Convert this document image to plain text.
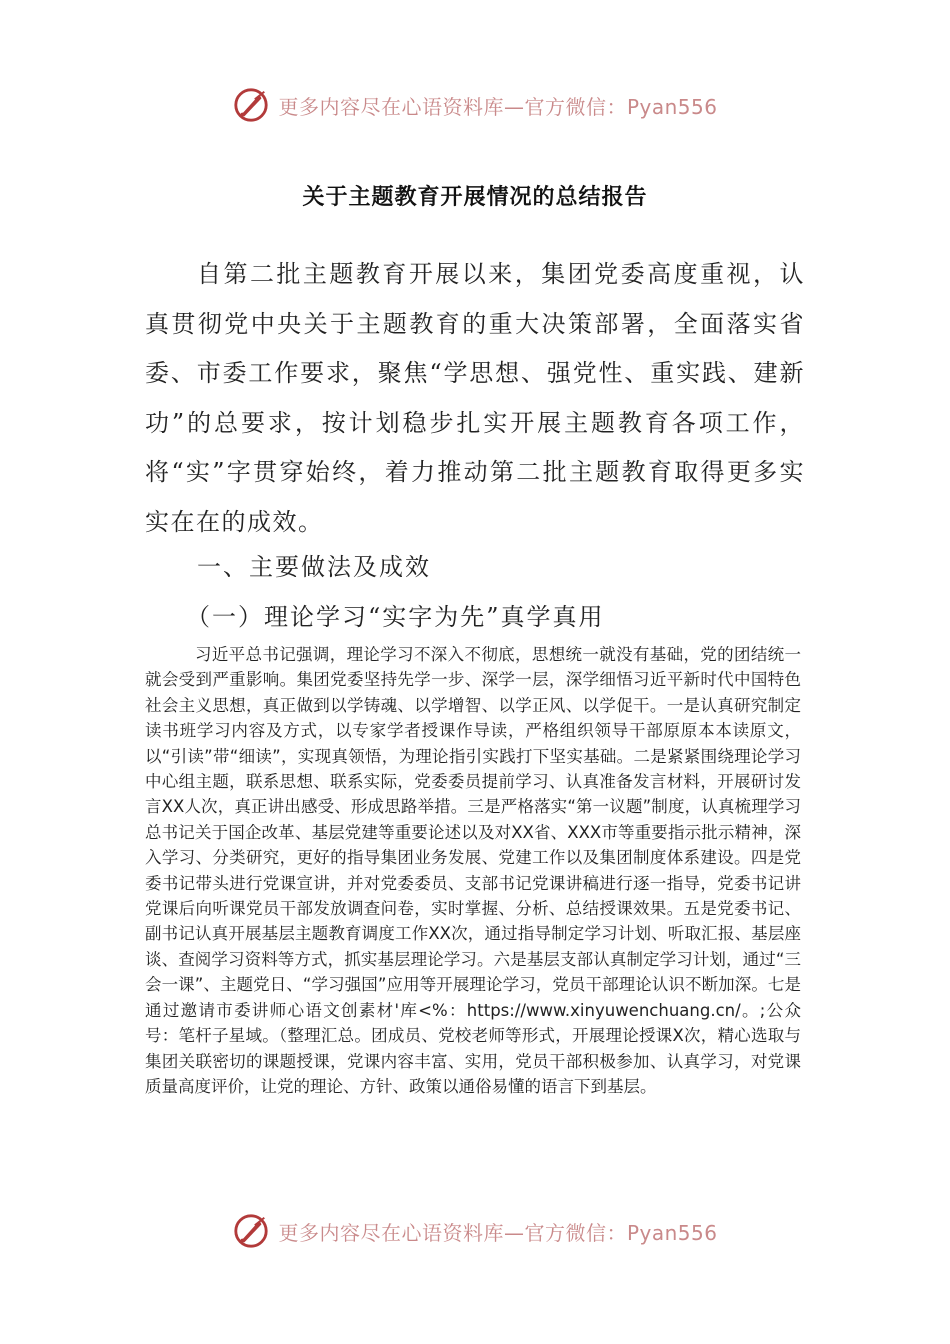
更多内容尽在心语资料库—官方微信：Pyan556
关于主题教育开展情况的总结报告

自第二批主题教育开展以来，集团党委高度重视，认真贯彻党中央关于主题教育的重大决策部署，全面落实省委、市委工作要求，聚焦“学思想、强党性、重实践、建新功”的总要求，按计划稳步扎实开展主题教育各项工作，将“实”字贯穿始终，着力推动第二批主题教育取得更多实实在在的成效。

一、主要做法及成效
（一）理论学习“实字为先”真学真用

习近平总书记强调，理论学习不深入不彻底，思想统一就没有基础，党的团结统一就会受到严重影响。集团党委坚持先学一步、深学一层，深学细悟习近平新时代中国特色社会主义思想，真正做到以学铸魂、以学增智、以学正风、以学促干。一是认真研究制定读书班学习内容及方式，以专家学者授课作导读，严格组织领导干部原原本本读原文，以“引读”带“细读”，实现真领悟，为理论指引实践打下坚实基础。二是紧紧围绕理论学习中心组主题，联系思想、联系实际，党委委员提前学习、认真准备发言材料，开展研讨发言XX人次，真正讲出感受、形成思路举措。三是严格落实“第一议题”制度，认真梳理学习总书记关于国企改革、基层党建等重要论述以及对XX省、XXX市等重要指示批示精神，深入学习、分类研究，更好的指导集团业务发展、党建工作以及集团制度体系建设。四是党委书记带头进行党课宣讲，并对党委委员、支部书记党课讲稿进行逐一指导，党委书记讲党课后向听课党员干部发放调查问卷，实时掌握、分析、总结授课效果。五是党委书记、副书记认真开展基层主题教育调度工作XX次，通过指导制定学习计划、听取汇报、基层座谈、查阅学习资料等方式，抓实基层理论学习。六是基层支部认真制定学习计划，通过“三会一课”、主题党日、“学习强国”应用等开展理论学习，党员干部理论认识不断加深。七是通过邀请市委讲师心语文创素材'库<%：https://www.xinyuwenchuang.cn/。;公众号：笔杆子星域。（整理汇总。团成员、党校老师等形式，开展理论授课X次，精心选取与集团关联密切的课题授课，党课内容丰富、实用，党员干部积极参加、认真学习，对党课质量高度评价，让党的理论、方针、政策以通俗易懂的语言下到基层。

更多内容尽在心语资料库—官方微信：Pyan556
